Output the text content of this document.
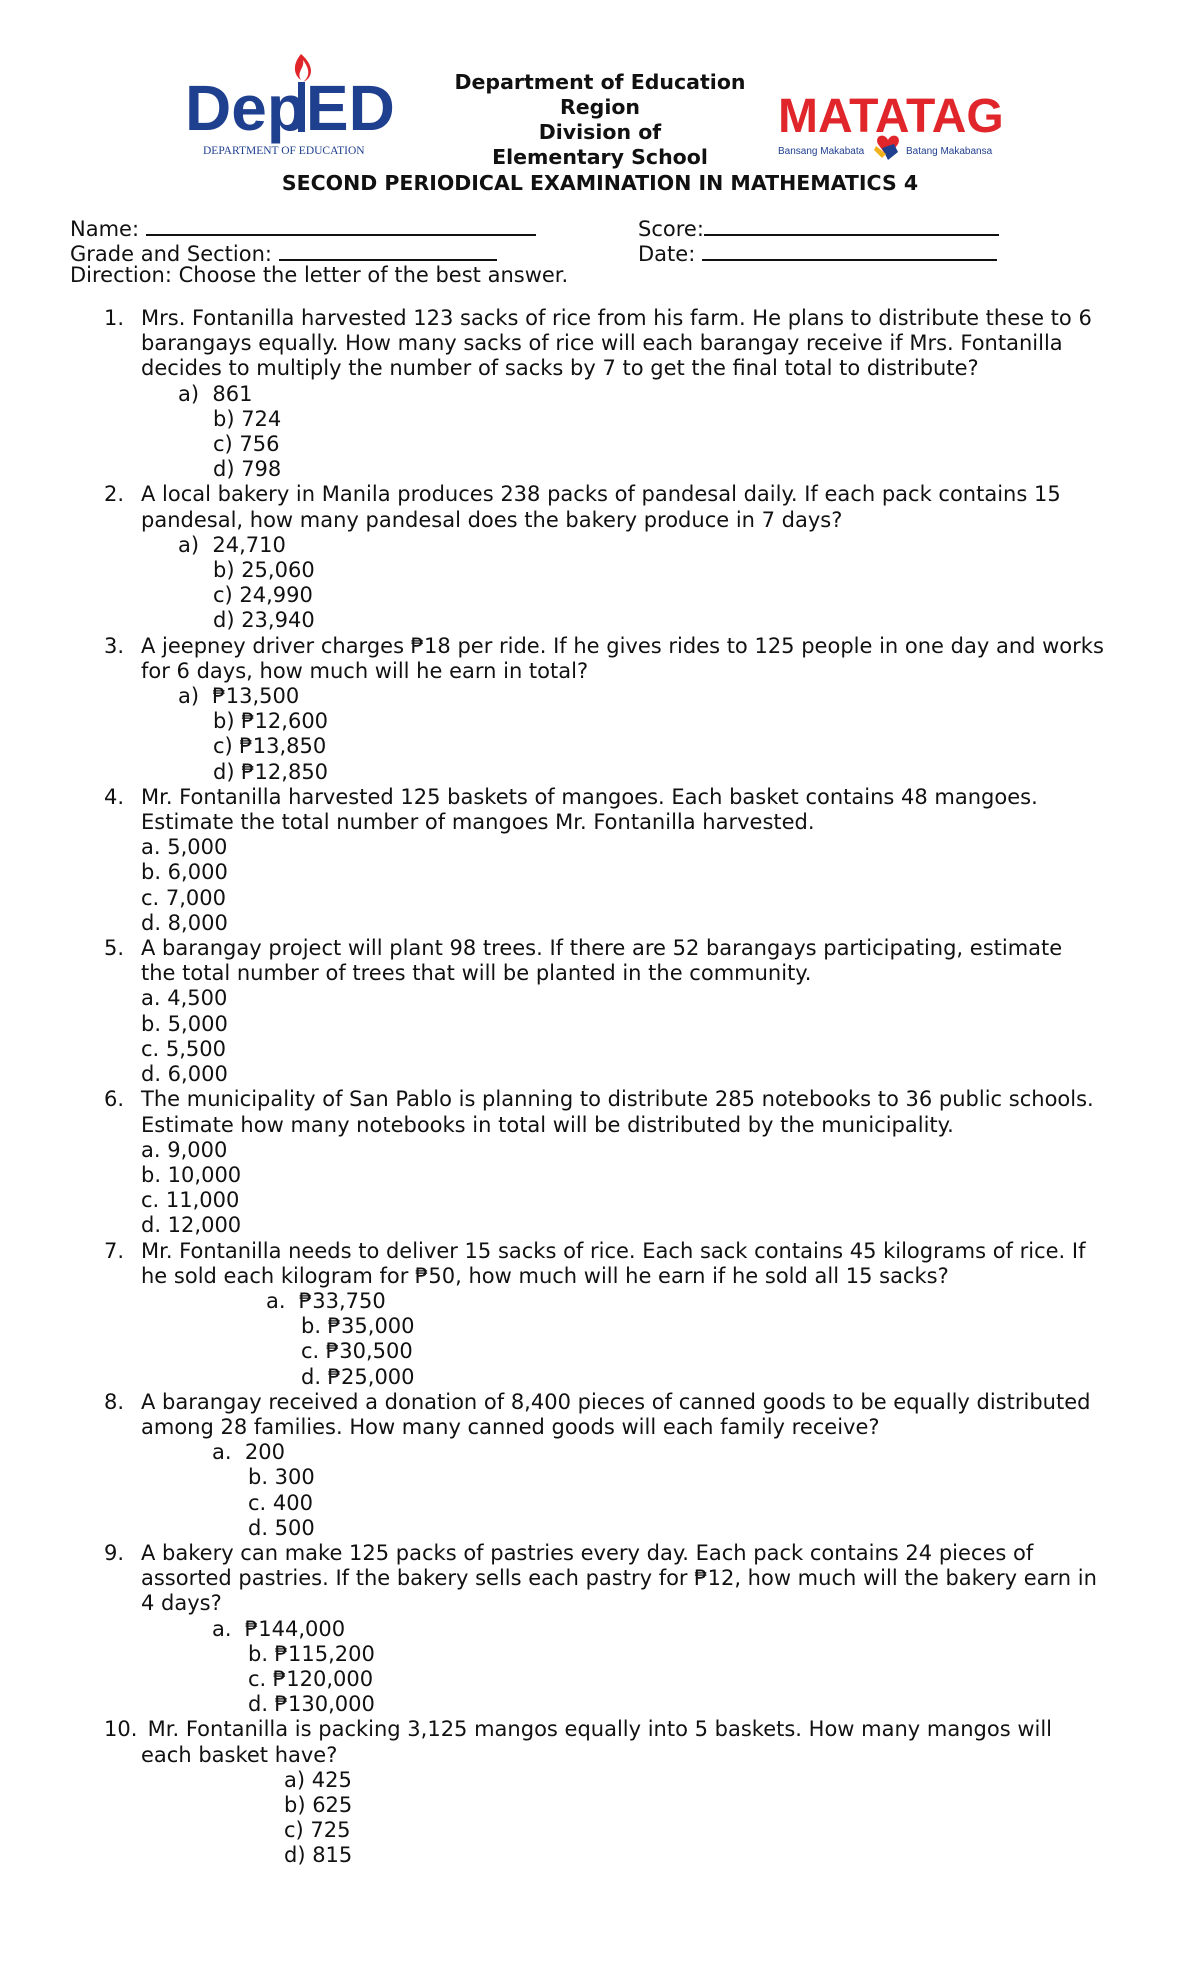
DepED
DEPARTMENT OF EDUCATION
MATATAG
Bansang Makabata	Batang Makabansa
Department of Education
Region
Division of
Elementary School
SECOND PERIODICAL EXAMINATION IN MATHEMATICS 4
Name:	Score:
Grade and Section:	Date:
Direction: Choose the letter of the best answer.
1. Mrs. Fontanilla harvested 123 sacks of rice from his farm. He plans to distribute these to 6
barangays equally. How many sacks of rice will each barangay receive if Mrs. Fontanilla
decides to multiply the number of sacks by 7 to get the final total to distribute?
a)  861
b) 724
c) 756
d) 798
2. A local bakery in Manila produces 238 packs of pandesal daily. If each pack contains 15
pandesal, how many pandesal does the bakery produce in 7 days?
a)  24,710
b) 25,060
c) 24,990
d) 23,940
3. A jeepney driver charges ₱18 per ride. If he gives rides to 125 people in one day and works
for 6 days, how much will he earn in total?
a)  ₱13,500
b) ₱12,600
c) ₱13,850
d) ₱12,850
4. Mr. Fontanilla harvested 125 baskets of mangoes. Each basket contains 48 mangoes.
Estimate the total number of mangoes Mr. Fontanilla harvested.
a. 5,000
b. 6,000
c. 7,000
d. 8,000
5. A barangay project will plant 98 trees. If there are 52 barangays participating, estimate
the total number of trees that will be planted in the community.
a. 4,500
b. 5,000
c. 5,500
d. 6,000
6. The municipality of San Pablo is planning to distribute 285 notebooks to 36 public schools.
Estimate how many notebooks in total will be distributed by the municipality.
a. 9,000
b. 10,000
c. 11,000
d. 12,000
7. Mr. Fontanilla needs to deliver 15 sacks of rice. Each sack contains 45 kilograms of rice. If
he sold each kilogram for ₱50, how much will he earn if he sold all 15 sacks?
a.  ₱33,750
b. ₱35,000
c. ₱30,500
d. ₱25,000
8. A barangay received a donation of 8,400 pieces of canned goods to be equally distributed
among 28 families. How many canned goods will each family receive?
a.  200
b. 300
c. 400
d. 500
9. A bakery can make 125 packs of pastries every day. Each pack contains 24 pieces of
assorted pastries. If the bakery sells each pastry for ₱12, how much will the bakery earn in
4 days?
a.  ₱144,000
b. ₱115,200
c. ₱120,000
d. ₱130,000
10. Mr. Fontanilla is packing 3,125 mangos equally into 5 baskets. How many mangos will
each basket have?
a) 425
b) 625
c) 725
d) 815
